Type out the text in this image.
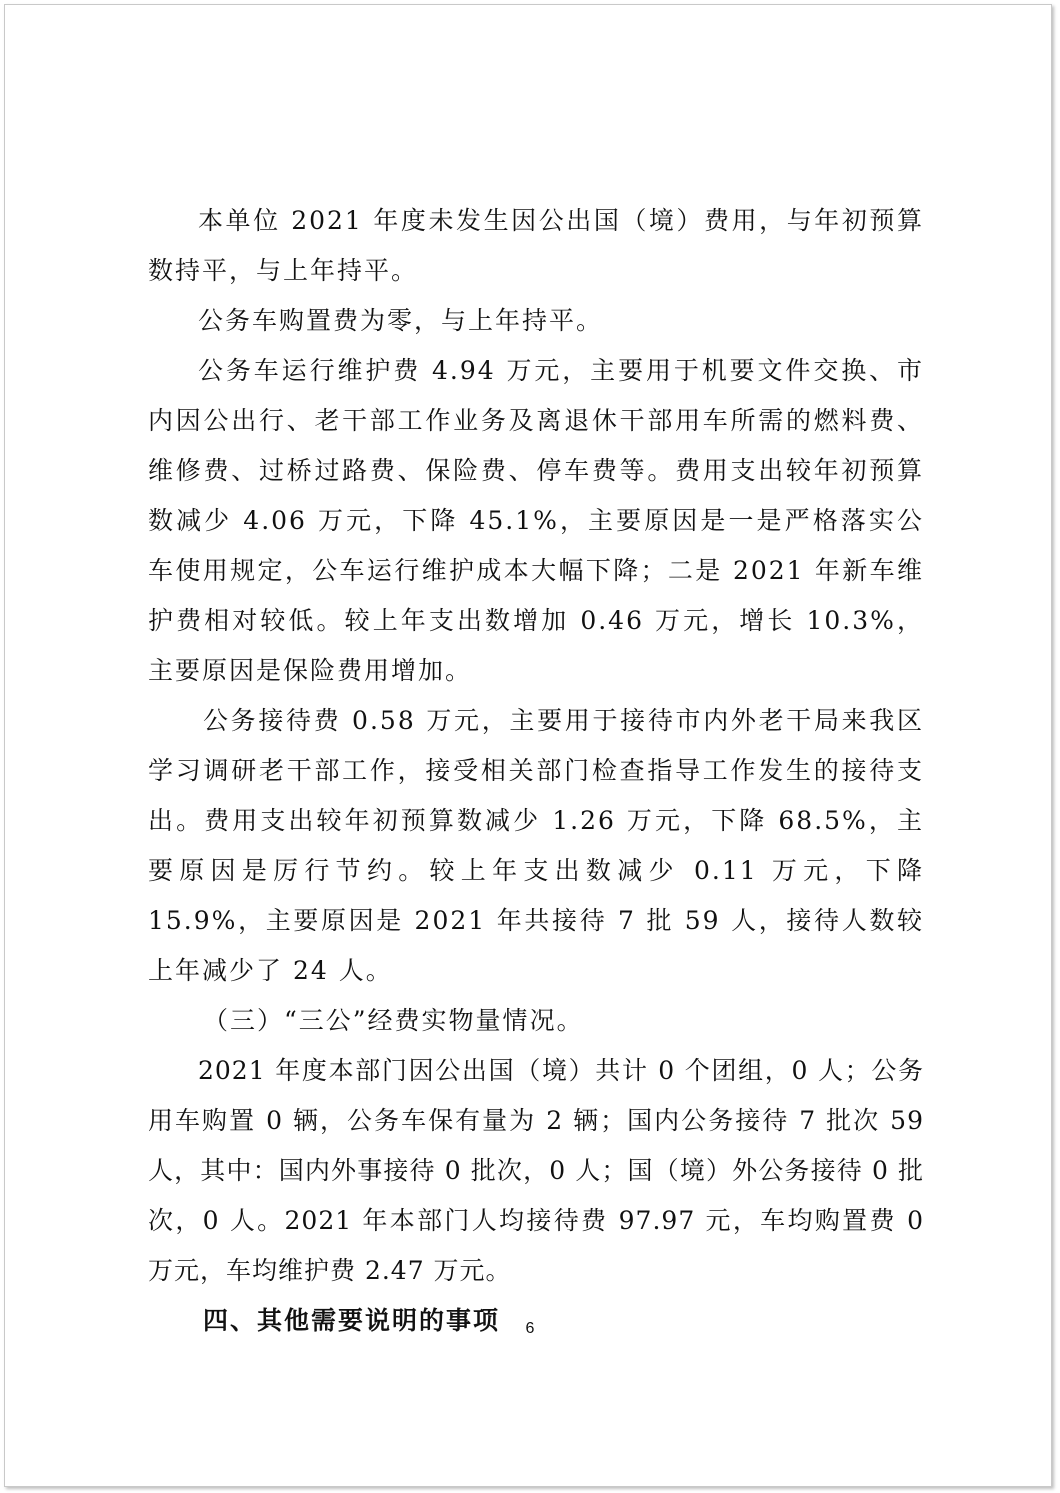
本单位 2021 年度未发生因公出国（境）费用，与年初预算数持平，与上年持平。

公务车购置费为零，与上年持平。

公务车运行维护费 4.94 万元，主要用于机要文件交换、市内因公出行、老干部工作业务及离退休干部用车所需的燃料费、维修费、过桥过路费、保险费、停车费等。费用支出较年初预算数减少 4.06 万元，下降 45.1%，主要原因是一是严格落实公车使用规定，公车运行维护成本大幅下降；二是 2021 年新车维护费相对较低。较上年支出数增加 0.46 万元，增长 10.3%，主要原因是保险费用增加。

公务接待费 0.58 万元，主要用于接待市内外老干局来我区学习调研老干部工作，接受相关部门检查指导工作发生的接待支出。费用支出较年初预算数减少 1.26 万元，下降 68.5%，主要原因是厉行节约。较上年支出数减少 0.11 万元，下降 15.9%，主要原因是 2021 年共接待 7 批 59 人，接待人数较上年减少了 24 人。

（三）“三公”经费实物量情况。

2021 年度本部门因公出国（境）共计 0 个团组，0 人；公务用车购置 0 辆，公务车保有量为 2 辆；国内公务接待 7 批次 59 人，其中：国内外事接待 0 批次，0 人；国（境）外公务接待 0 批次，0 人。2021 年本部门人均接待费 97.97 元，车均购置费 0 万元，车均维护费 2.47 万元。

四、其他需要说明的事项	6
